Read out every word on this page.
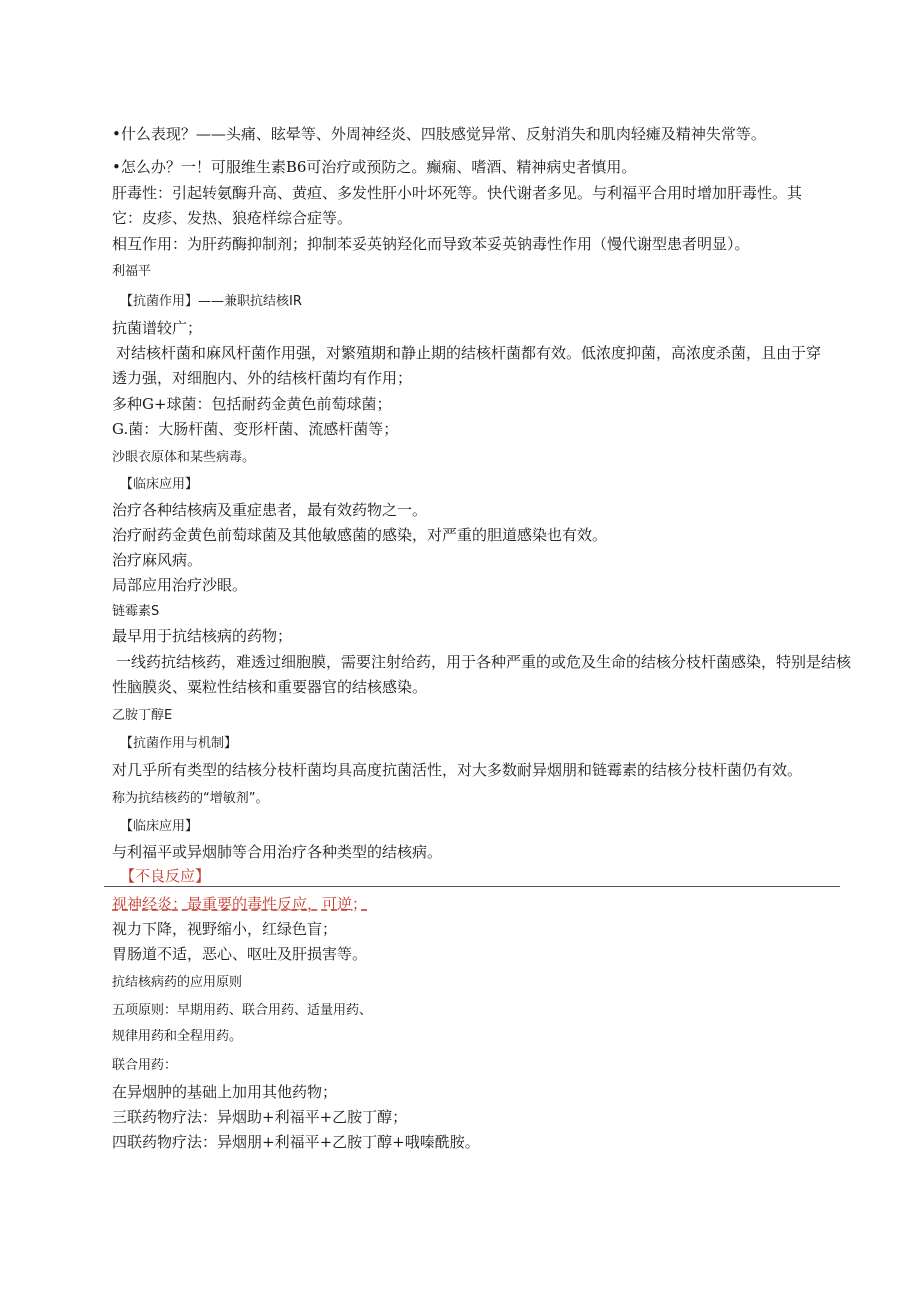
•什么表现？——头痛、眩晕等、外周神经炎、四肢感觉异常、反射消失和肌肉轻瘫及精神失常等。
•怎么办？一！可服维生素B6可治疗或预防之。癫痫、嗜酒、精神病史者慎用。
肝毒性：引起转氨酶升高、黄疸、多发性肝小叶坏死等。快代谢者多见。与利福平合用时增加肝毒性。其
它：皮疹、发热、狼疮样综合症等。
相互作用：为肝药酶抑制剂；抑制苯妥英钠羟化而导致苯妥英钠毒性作用（慢代谢型患者明显）。
利福平
【抗菌作用】——兼职抗结核IR
抗菌谱较广；
对结核杆菌和麻风杆菌作用强，对繁殖期和静止期的结核杆菌都有效。低浓度抑菌，高浓度杀菌，且由于穿
透力强，对细胞内、外的结核杆菌均有作用；
多种G+球菌：包括耐药金黄色前萄球菌；
G.菌：大肠杆菌、变形杆菌、流感杆菌等；
沙眼衣原体和某些病毒。
【临床应用】
治疗各种结核病及重症患者，最有效药物之一。
治疗耐药金黄色前萄球菌及其他敏感菌的感染，对严重的胆道感染也有效。
治疗麻风病。
局部应用治疗沙眼。
链霉素S
最早用于抗结核病的药物；
一线药抗结核药，难透过细胞膜，需要注射给药，用于各种严重的或危及生命的结核分枝杆菌感染，特别是结核
性脑膜炎、粟粒性结核和重要器官的结核感染。
乙胺丁醇E
【抗菌作用与机制】
对几乎所有类型的结核分枝杆菌均具高度抗菌活性，对大多数耐异烟朋和链霉素的结核分枝杆菌仍有效。
称为抗结核药的“增敏剂”。
【临床应用】
与利福平或异烟肺等合用治疗各种类型的结核病。
【不良反应】
视神经炎：最重要的毒性反应，可逆；
视力下降，视野缩小，红绿色盲；
胃肠道不适，恶心、呕吐及肝损害等。
抗结核病药的应用原则
五项原则：早期用药、联合用药、适量用药、
规律用药和全程用药。
联合用药：
在异烟肿的基础上加用其他药物；
三联药物疗法：异烟助+利福平+乙胺丁醇；
四联药物疗法：异烟朋+利福平+乙胺丁醇+哦嗪酰胺。
